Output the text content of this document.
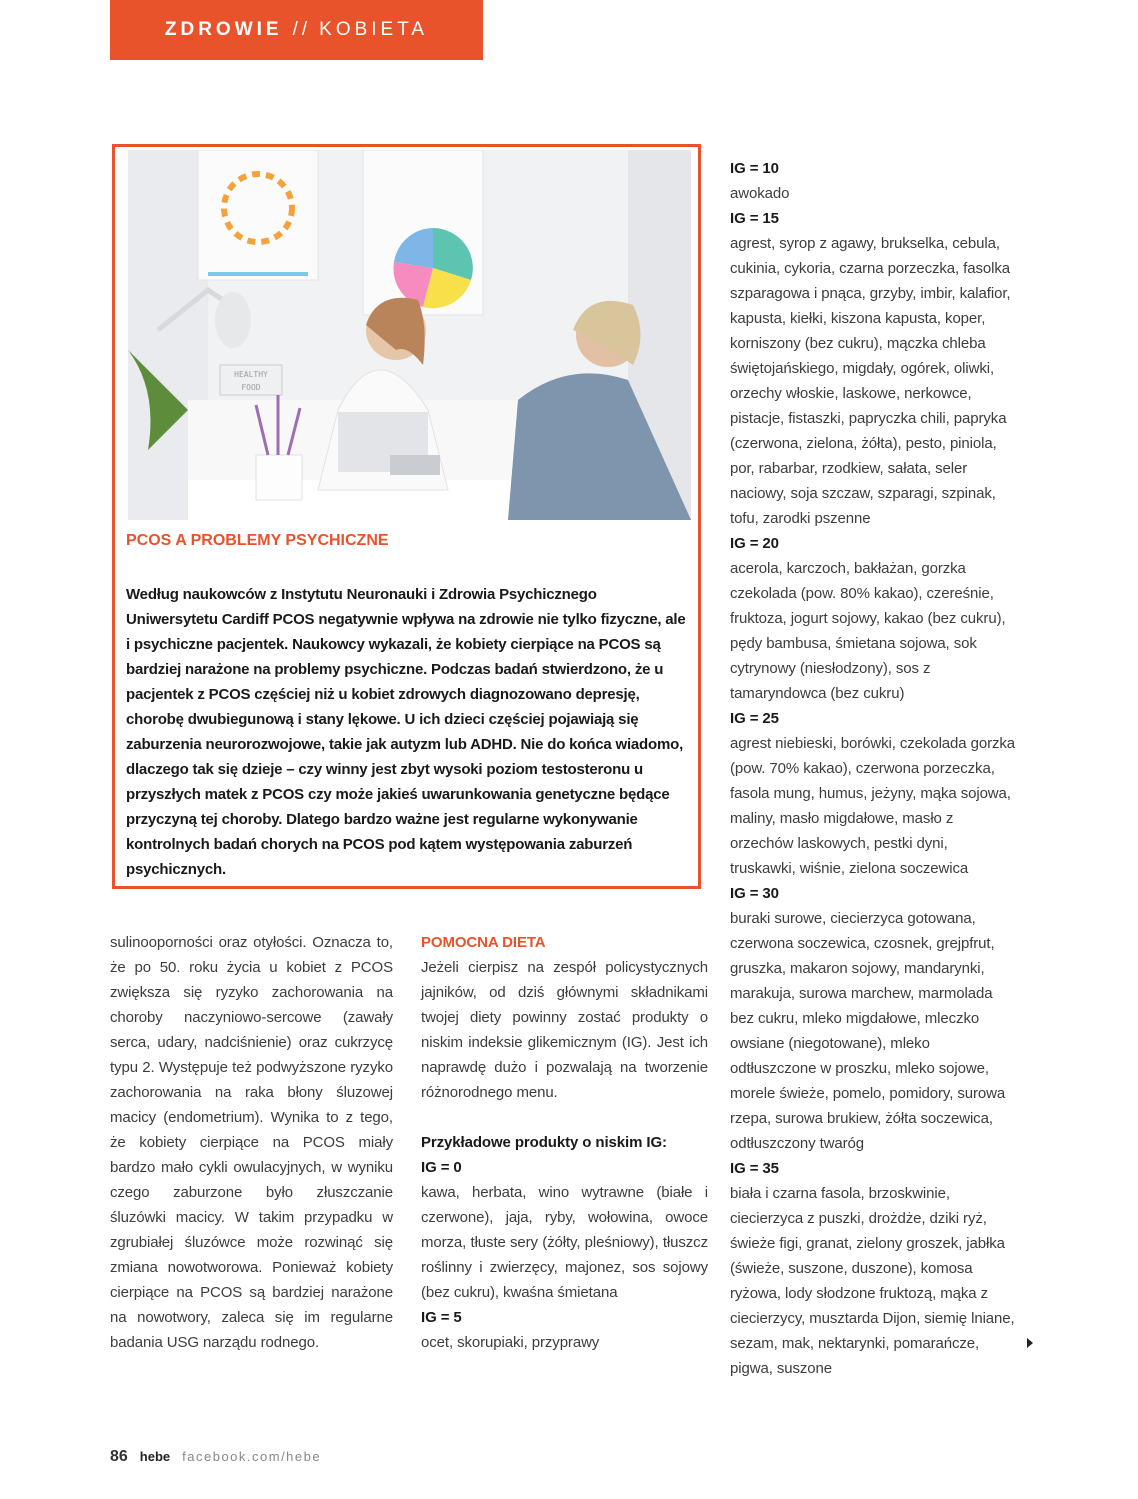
ZDROWIE // KOBIETA
HEALTHY
FOOD
PCOS A PROBLEMY PSYCHICZNE
Według naukowców z Instytutu Neuronauki i Zdrowia Psychicznego Uniwersytetu Cardiff PCOS negatywnie wpływa na zdrowie nie tylko fizyczne, ale i psychiczne pacjentek. Naukowcy wykazali, że kobiety cierpiące na PCOS są bardziej narażone na problemy psychiczne. Podczas badań stwierdzono, że u pacjentek z PCOS częściej niż u kobiet zdrowych diagnozowano depresję, chorobę dwubiegunową i stany lękowe. U ich dzieci częściej pojawiają się zaburzenia neurorozwojowe, takie jak autyzm lub ADHD. Nie do końca wiadomo, dlaczego tak się dzieje – czy winny jest zbyt wysoki poziom testosteronu u przyszłych matek z PCOS czy może jakieś uwarunkowania genetyczne będące przyczyną tej choroby. Dlatego bardzo ważne jest regularne wykonywanie kontrolnych badań chorych na PCOS pod kątem występowania zaburzeń psychicznych.

sulinooporności oraz otyłości. Oznacza to, że po 50. roku życia u kobiet z PCOS zwiększa się ryzyko zachorowania na choroby naczyniowo-sercowe (zawały serca, udary, nadciśnienie) oraz cukrzycę typu 2. Występuje też podwyższone ryzyko zachorowania na raka błony śluzowej macicy (endometrium). Wynika to z tego, że kobiety cierpiące na PCOS miały bardzo mało cykli owulacyjnych, w wyniku czego zaburzone było złuszczanie śluzówki macicy. W takim przypadku w zgrubiałej śluzówce może rozwinąć się zmiana nowotworowa. Ponieważ kobiety cierpiące na PCOS są bardziej narażone na nowotwory, zaleca się im regularne badania USG narządu rodnego.

POMOCNA DIETA

Jeżeli cierpisz na zespół policystycznych jajników, od dziś głównymi składnikami twojej diety powinny zostać produkty o niskim indeksie glikemicznym (IG). Jest ich naprawdę dużo i pozwalają na tworzenie różnorodnego menu.

Przykładowe produkty o niskim IG:

IG = 0

kawa, herbata, wino wytrawne (białe i czerwone), jaja, ryby, wołowina, owoce morza, tłuste sery (żółty, pleśniowy), tłuszcz roślinny i zwierzęcy, majonez, sos sojowy (bez cukru), kwaśna śmietana

IG = 5

ocet, skorupiaki, przyprawy

IG = 10

awokado

IG = 15

agrest, syrop z agawy, brukselka, cebula, cukinia, cykoria, czarna porzeczka, fasolka szparagowa i pnąca, grzyby, imbir, kalafior, kapusta, kiełki, kiszona kapusta, koper, korniszony (bez cukru), mączka chleba świętojańskiego, migdały, ogórek, oliwki, orzechy włoskie, laskowe, nerkowce, pistacje, fistaszki, papryczka chili, papryka (czerwona, zielona, żółta), pesto, piniola, por, rabarbar, rzodkiew, sałata, seler naciowy, soja szczaw, szparagi, szpinak, tofu, zarodki pszenne

IG = 20

acerola, karczoch, bakłażan, gorzka czekolada (pow. 80% kakao), czereśnie, fruktoza, jogurt sojowy, kakao (bez cukru), pędy bambusa, śmietana sojowa, sok cytrynowy (niesłodzony), sos z tamaryndowca (bez cukru)

IG = 25

agrest niebieski, borówki, czekolada gorzka (pow. 70% kakao), czerwona porzeczka, fasola mung, humus, jeżyny, mąka sojowa, maliny, masło migdałowe, masło z orzechów laskowych, pestki dyni, truskawki, wiśnie, zielona soczewica

IG = 30

buraki surowe, ciecierzyca gotowana, czerwona soczewica, czosnek, grejpfrut, gruszka, makaron sojowy, mandarynki, marakuja, surowa marchew, marmolada bez cukru, mleko migdałowe, mleczko owsiane (niegotowane), mleko odtłuszczone w proszku, mleko sojowe, morele świeże, pomelo, pomidory, surowa rzepa, surowa brukiew, żółta soczewica, odtłuszczony twaróg

IG = 35

biała i czarna fasola, brzoskwinie, ciecierzyca z puszki, drożdże, dziki ryż, świeże figi, granat, zielony groszek, jabłka (świeże, suszone, duszone), komosa ryżowa, lody słodzone fruktozą, mąka z ciecierzycy, musztarda Dijon, siemię lniane, sezam, mak, nektarynki, pomarańcze, pigwa, suszone

86 hebe facebook.com/hebe
